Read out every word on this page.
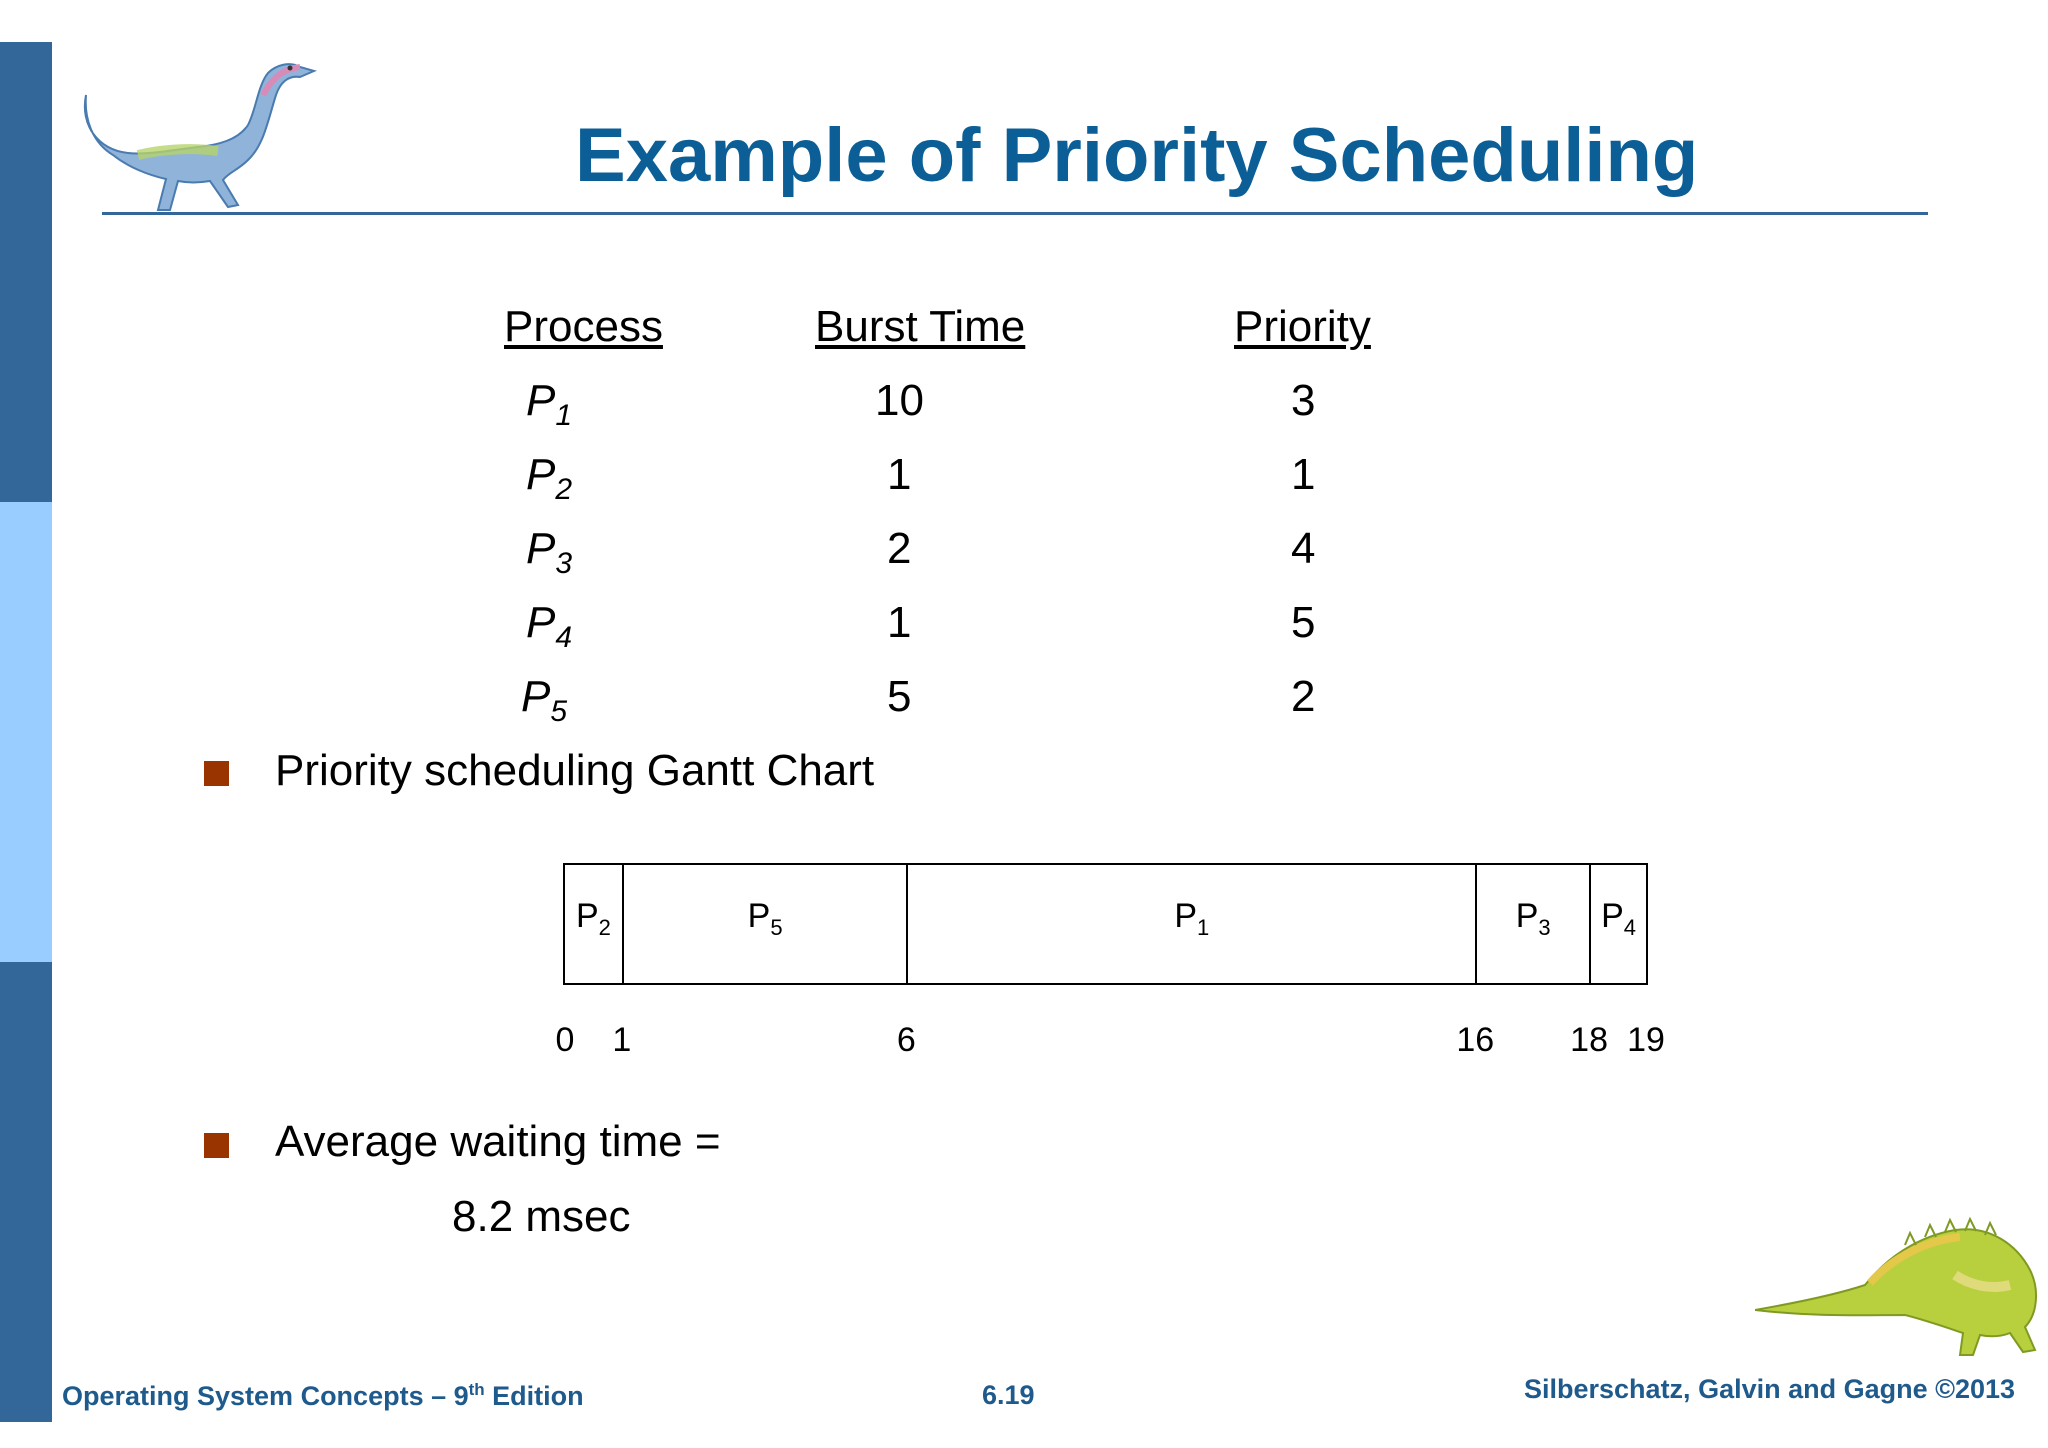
Example of Priority Scheduling
Process	Burst Time	Priority
$P_1$	10	3
$P_2$	1	1
$P_3$	2	4
$P_4$	1	5
$P_5$	5	2
Priority scheduling Gantt Chart
$P_2$	$P_5$	$P_1$	$P_3$	$P_4$
0 1	6	16 18 19
Average waiting time =
8.2 msec
Operating System Concepts – 9th Edition	6.19	Silberschatz, Galvin and Gagne ©2013
